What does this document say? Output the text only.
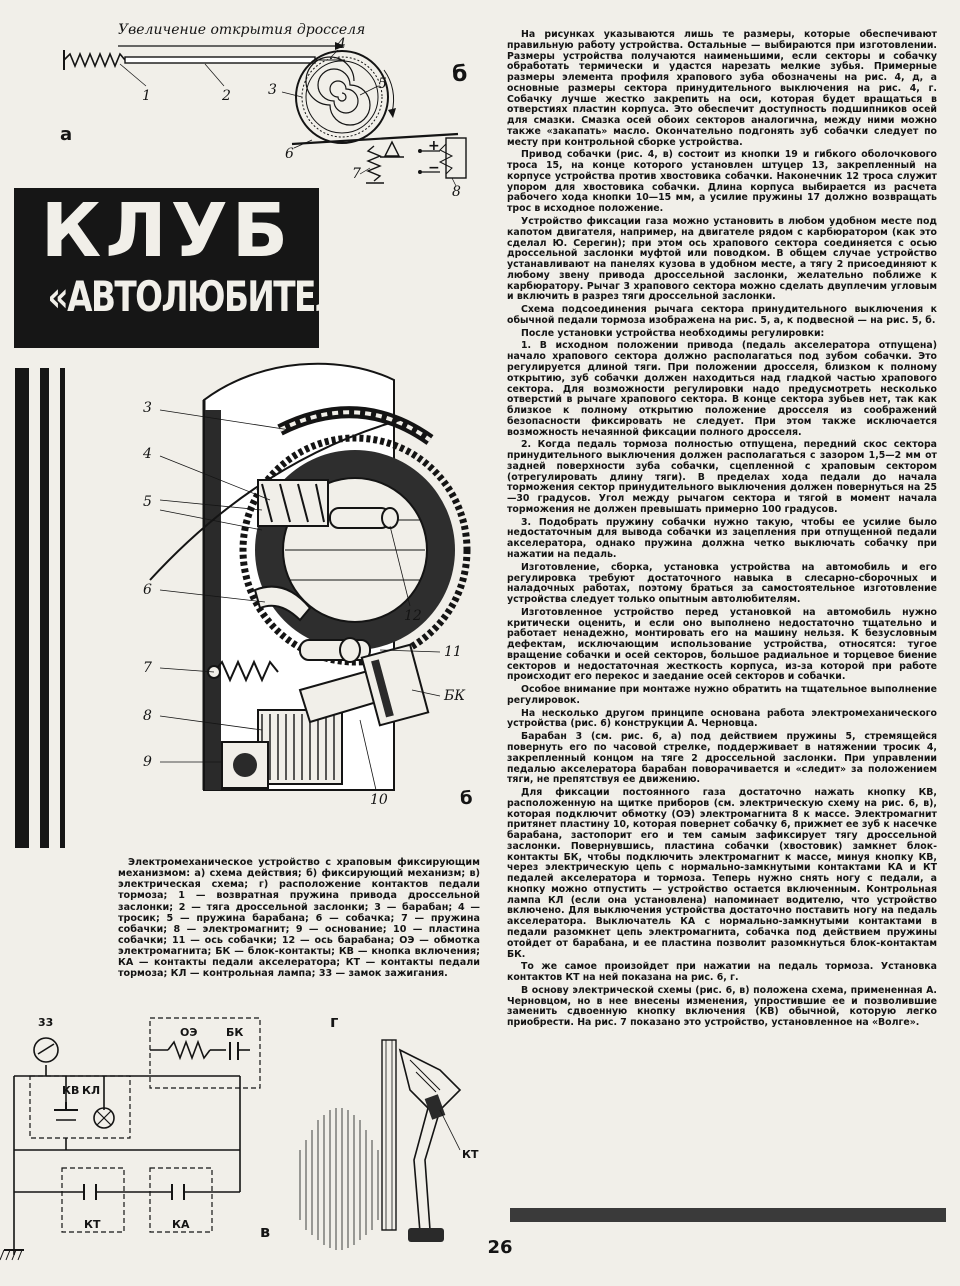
Увеличение открытия дросселя
1	2	3
4
5
6
7
8
+
−
а
б
КЛУБ
«АВТОЛЮБИТЕЛЬ»
3
4
5
6
7
8
9
10
11
12
БК
б

Электромеханическое устройство с храповым фиксирующим механизмом: а) схема действия; б) фиксирующий механизм; в) электрическая схема; г) расположение контактов педали тормоза; 1 — возвратная пружина привода дроссельной заслонки; 2 — тяга дроссельной заслонки; 3 — барабан; 4 — тросик; 5 — пружина барабана; 6 — собачка; 7 — пружина собачки; 8 — электромагнит; 9 — основание; 10 — пластина собачки; 11 — ось собачки; 12 — ось барабана; ОЭ — обмотка электромагнита; БК — блок-контакты; КВ — кнопка включения; КА — контакты педали акселератора; КТ — контакты педали тормоза; КЛ — контрольная лампа; 33 — замок зажигания.

33
ОЭ	БК
КВ КЛ
КТ	КА	в
г
КТ

На рисунках указываются лишь те размеры, которые обеспечивают правильную работу устройства. Остальные — выбираются при изготовлении. Размеры устройства получаются наименьшими, если секторы и собачку обработать термически и удастся нарезать мелкие зубья. Примерные размеры элемента профиля храпового зуба обозначены на рис. 4, д, а основные размеры сектора принудительного выключения на рис. 4, г. Собачку лучше жестко закрепить на оси, которая будет вращаться в отверстиях пластин корпуса. Это обеспечит доступность подшипников осей для смазки. Смазка осей обоих секторов аналогична, между ними можно также «закапать» масло. Окончательно подгонять зуб собачки следует по месту при контрольной сборке устройства.

Привод собачки (рис. 4, в) состоит из кнопки 19 и гибкого оболочкового троса 15, на конце которого установлен штуцер 13, закрепленный на корпусе устройства против хвостовика собачки. Наконечник 12 троса служит упором для хвостовика собачки. Длина корпуса выбирается из расчета рабочего хода кнопки 10—15 мм, а усилие пружины 17 должно возвращать трос в исходное положение.

Устройство фиксации газа можно установить в любом удобном месте под капотом двигателя, например, на двигателе рядом с карбюратором (как это сделал Ю. Серегин); при этом ось храпового сектора соединяется с осью дроссельной заслонки муфтой или поводком. В общем случае устройство устанавливают на панелях кузова в удобном месте, а тягу 2 присоединяют к любому звену привода дроссельной заслонки, желательно поближе к карбюратору. Рычаг 3 храпового сектора можно сделать двуплечим угловым и включить в разрез тяги дроссельной заслонки.

Схема подсоединения рычага сектора принудительного выключения к обычной педали тормоза изображена на рис. 5, а, к подвесной — на рис. 5, б.

После установки устройства необходимы регулировки:

1. В исходном положении привода (педаль акселератора отпущена) начало храпового сектора должно располагаться под зубом собачки. Это регулируется длиной тяги. При положении дросселя, близком к полному открытию, зуб собачки должен находиться над гладкой частью храпового сектора. Для возможности регулировки надо предусмотреть несколько отверстий в рычаге храпового сектора. В конце сектора зубьев нет, так как близкое к полному открытию положение дросселя из соображений безопасности фиксировать не следует. При этом также исключается возможность нечаянной фиксации полного дросселя.

2. Когда педаль тормоза полностью отпущена, передний скос сектора принудительного выключения должен располагаться с зазором 1,5—2 мм от задней поверхности зуба собачки, сцепленной с храповым сектором (отрегулировать длину тяги). В пределах хода педали до начала торможения сектор принудительного выключения должен повернуться на 25—30 градусов. Угол между рычагом сектора и тягой в момент начала торможения не должен превышать примерно 100 градусов.

3. Подобрать пружину собачки нужно такую, чтобы ее усилие было недостаточным для вывода собачки из зацепления при отпущенной педали акселератора, однако пружина должна четко выключать собачку при нажатии на педаль.

Изготовление, сборка, установка устройства на автомобиль и его регулировка требуют достаточного навыка в слесарно-сборочных и наладочных работах, поэтому браться за самостоятельное изготовление устройства следует только опытным автолюбителям.

Изготовленное устройство перед установкой на автомобиль нужно критически оценить, и если оно выполнено недостаточно тщательно и работает ненадежно, монтировать его на машину нельзя. К безусловным дефектам, исключающим использование устройства, относятся: тугое вращение собачки и осей секторов, большое радиальное и торцевое биение секторов и недостаточная жесткость корпуса, из-за которой при работе происходит его перекос и заедание осей секторов и собачки.

Особое внимание при монтаже нужно обратить на тщательное выполнение регулировок.

На несколько другом принципе основана работа электромеханического устройства (рис. 6) конструкции А. Черновца.

Барабан 3 (см. рис. 6, а) под действием пружины 5, стремящейся повернуть его по часовой стрелке, поддерживает в натяжении тросик 4, закрепленный концом на тяге 2 дроссельной заслонки. При управлении педалью акселератора барабан поворачивается и «следит» за положением тяги, не препятствуя ее движению.

Для фиксации постоянного газа достаточно нажать кнопку КВ, расположенную на щитке приборов (см. электрическую схему на рис. 6, в), которая подключит обмотку (ОЭ) электромагнита 8 к массе. Электромагнит притянет пластину 10, которая повернет собачку 6, прижмет ее зуб к насечке барабана, застопорит его и тем самым зафиксирует тягу дроссельной заслонки. Повернувшись, пластина собачки (хвостовик) замкнет блок-контакты БК, чтобы подключить электромагнит к массе, минуя кнопку КВ, через электрическую цепь с нормально-замкнутыми контактами КА и КТ педалей акселератора и тормоза. Теперь нужно снять ногу с педали, а кнопку можно отпустить — устройство остается включенным. Контрольная лампа КЛ (если она установлена) напоминает водителю, что устройство включено. Для выключения устройства достаточно поставить ногу на педаль акселератора. Выключатель КА с нормально-замкнутыми контактами в педали разомкнет цепь электромагнита, собачка под действием пружины отойдет от барабана, и ее пластина позволит разомкнуться блок-контактам БК.

То же самое произойдет при нажатии на педаль тормоза. Установка контактов КТ на ней показана на рис. 6, г.

В основу электрической схемы (рис. 6, в) положена схема, примененная А. Черновцом, но в нее внесены изменения, упростившие ее и позволившие заменить сдвоенную кнопку включения (КВ) обычной, которую легко приобрести. На рис. 7 показано это устройство, установленное на «Волге».

26
